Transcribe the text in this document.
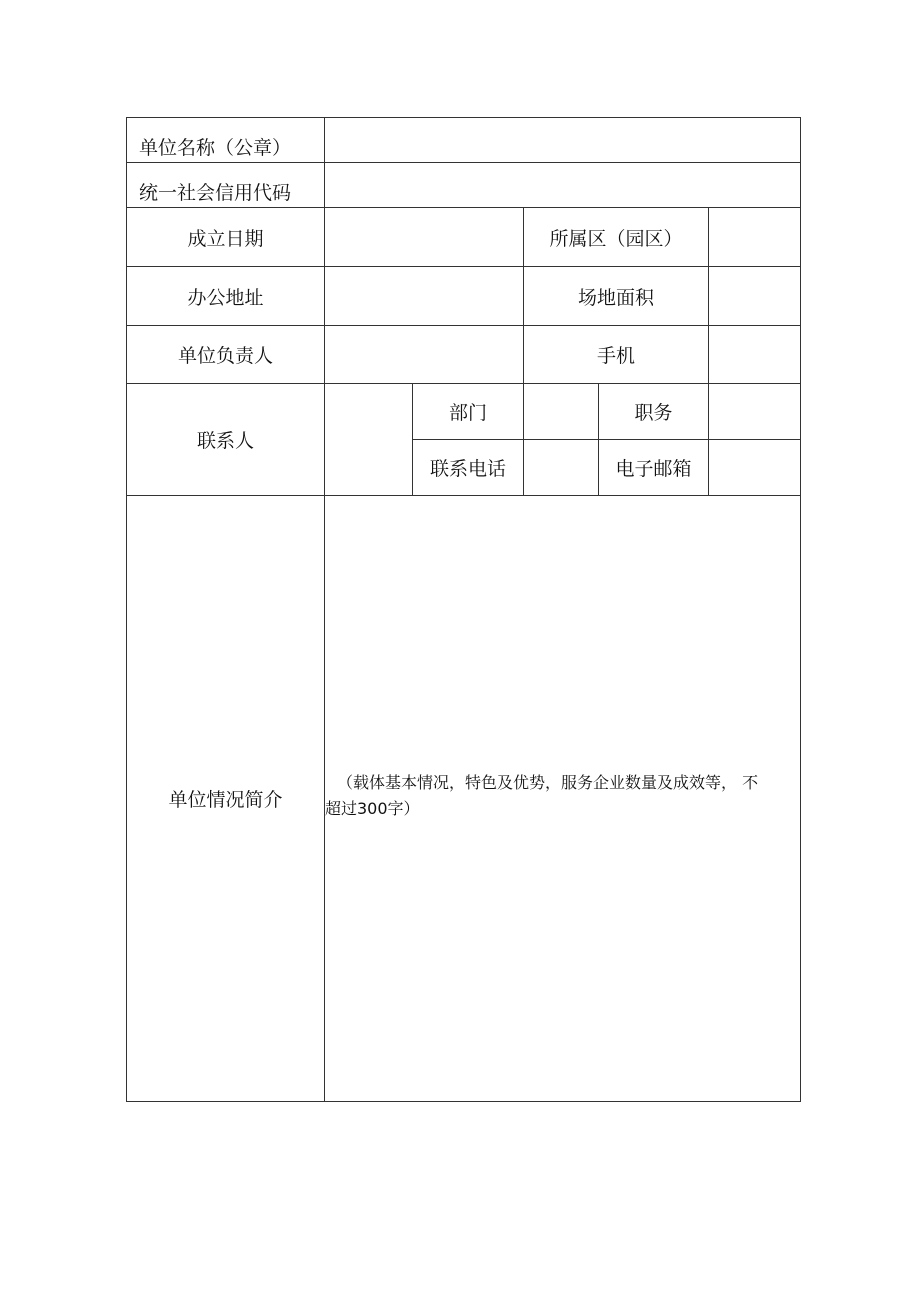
单位名称（公章）					
统一社会信用代码					
成立日期			所属区（园区）		
办公地址			场地面积		
单位负责人			手机		
联系人		部门		职务	
		联系电话		电子邮箱	
单位情况简介	（载体基本情况，特色及优势，服务企业数量及成效等， 不
超过300字）				
